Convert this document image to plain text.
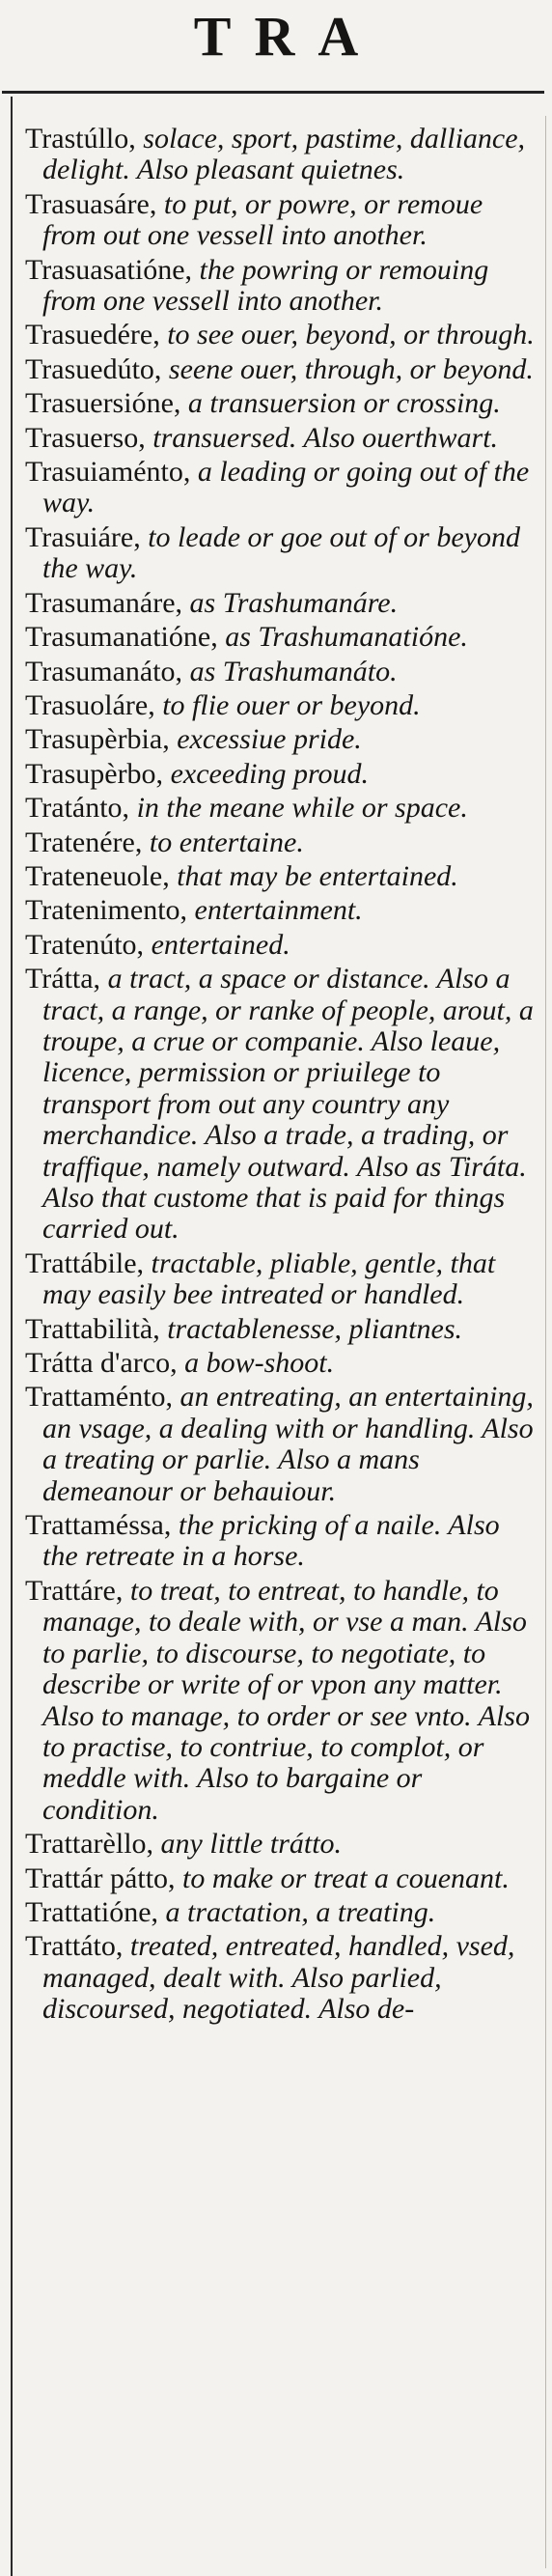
TRA
Trastúllo, solace, sport, pastime, dalliance, delight. Also pleasant quietnes.
Trasuasáre, to put, or powre, or remoue from out one vessell into another.
Trasuasatióne, the powring or remouing from one vessell into another.
Trasuedére, to see ouer, beyond, or through.
Trasuedúto, seene ouer, through, or beyond.
Trasuersióne, a transuersion or crossing.
Trasuerso, transuersed. Also ouerthwart.
Trasuiaménto, a leading or going out of the way.
Trasuiáre, to leade or goe out of or beyond the way.
Trasumanáre, as Trashumanáre.
Trasumanatióne, as Trashumanatióne.
Trasumanáto, as Trashumanáto.
Trasuoláre, to flie ouer or beyond.
Trasupèrbia, excessiue pride.
Trasupèrbo, exceeding proud.
Tratánto, in the meane while or space.
Tratenére, to entertaine.
Trateneuole, that may be entertained.
Tratenimento, entertainment.
Tratenúto, entertained.
Trátta, a tract, a space or distance. Also a tract, a range, or ranke of people, arout, a troupe, a crue or companie. Also leaue, licence, permission or priuilege to transport from out any country any merchandice. Also a trade, a trading, or traffique, namely outward. Also as Tiráta. Also that custome that is paid for things carried out.
Trattábile, tractable, pliable, gentle, that may easily bee intreated or handled.
Trattabilità, tractablenesse, pliantnes.
Trátta d'arco, a bow-shoot.
Trattaménto, an entreating, an entertaining, an vsage, a dealing with or handling. Also a treating or parlie. Also a mans demeanour or behauiour.
Trattaméssa, the pricking of a naile. Also the retreate in a horse.
Trattáre, to treat, to entreat, to handle, to manage, to deale with, or vse a man. Also to parlie, to discourse, to negotiate, to describe or write of or vpon any matter. Also to manage, to order or see vnto. Also to practise, to contriue, to complot, or meddle with. Also to bargaine or condition.
Trattarèllo, any little trátto.
Trattár pátto, to make or treat a couenant.
Trattatióne, a tractation, a treating.
Trattáto, treated, entreated, handled, vsed, managed, dealt with. Also parlied, discoursed, negotiated. Also de-
